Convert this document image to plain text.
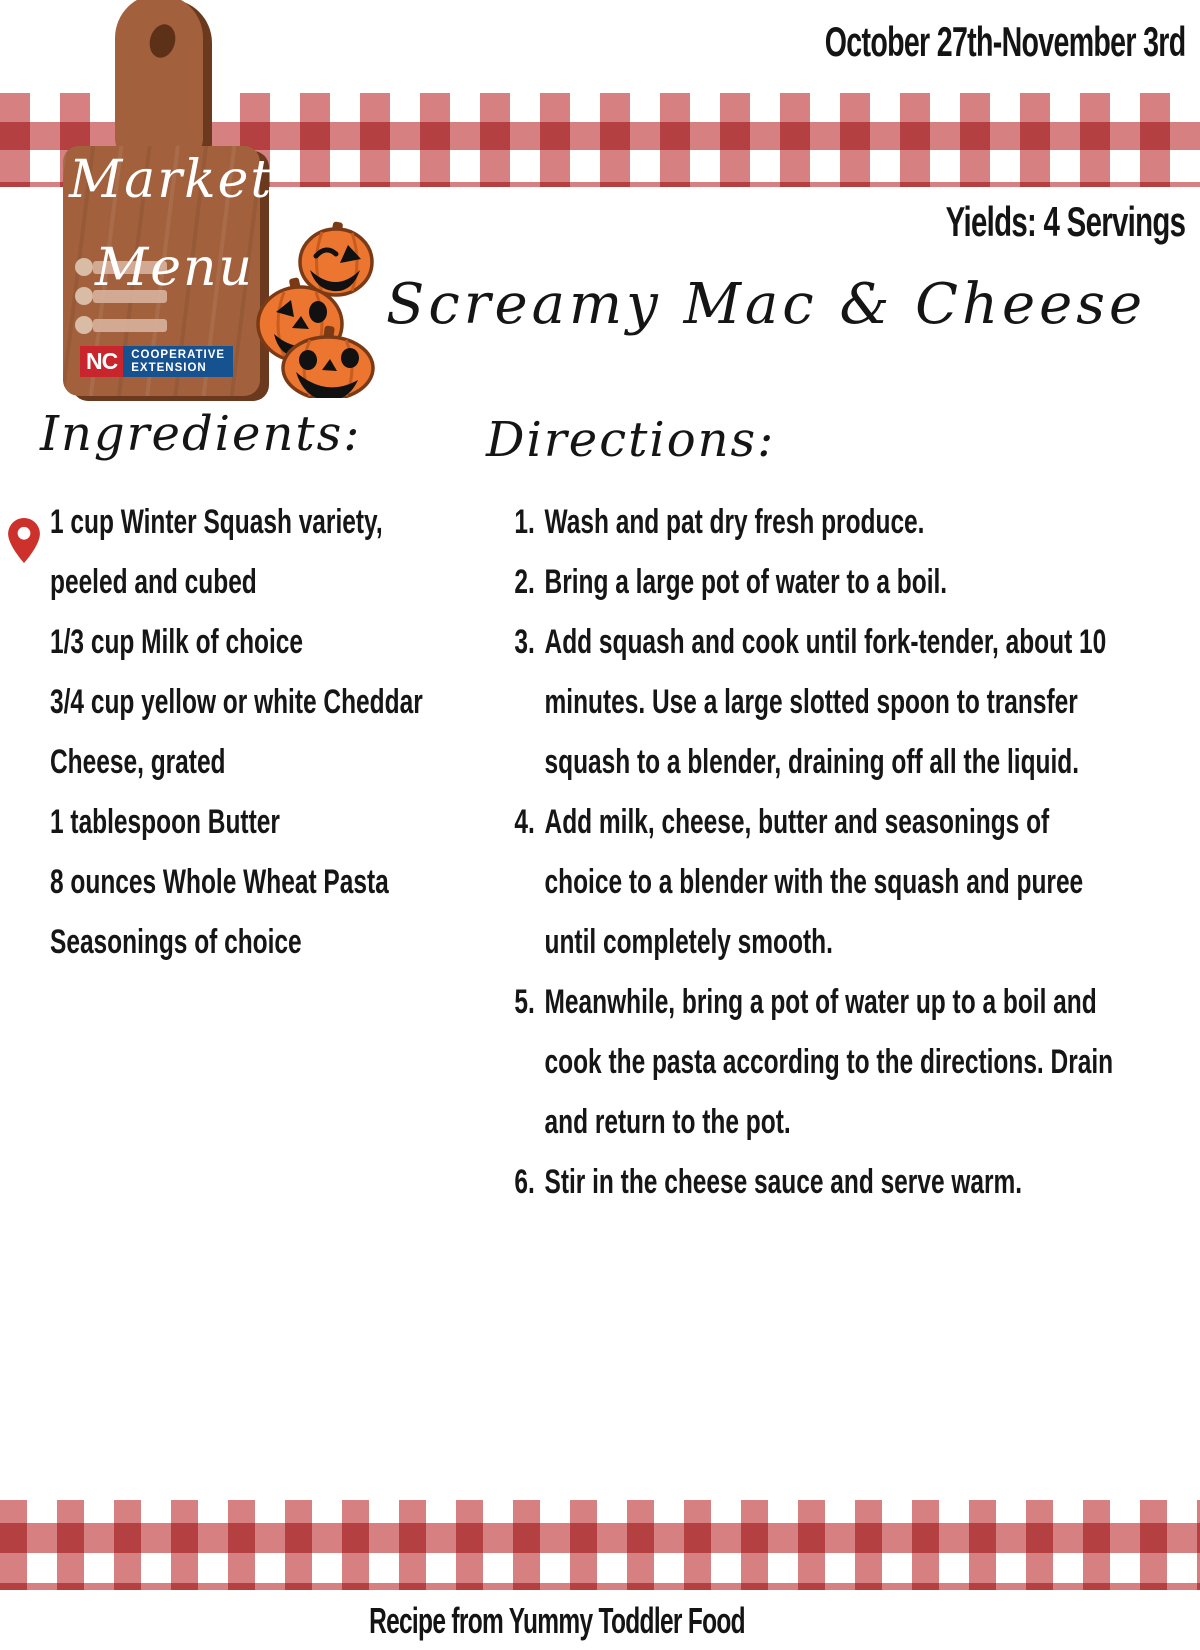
October 27th-November 3rd
Yields: 4 Servings
Screamy Mac & Cheese
Market
Menu
NC	COOPERATIVE
EXTENSION
Ingredients:

1 cup Winter Squash variety, peeled and cubed

1/3 cup Milk of choice

3/4 cup yellow or white Cheddar Cheese, grated

1 tablespoon Butter

8 ounces Whole Wheat Pasta

Seasonings of choice

Directions:
1. Wash and pat dry fresh produce.
2. Bring a large pot of water to a boil.
3. Add squash and cook until fork-tender, about 10 minutes. Use a large slotted spoon to transfer squash to a blender, draining off all the liquid.
4. Add milk, cheese, butter and seasonings of choice to a blender with the squash and puree until completely smooth.
5. Meanwhile, bring a pot of water up to a boil and cook the pasta according to the directions. Drain and return to the pot.
6. Stir in the cheese sauce and serve warm.
Recipe from Yummy Toddler Food
